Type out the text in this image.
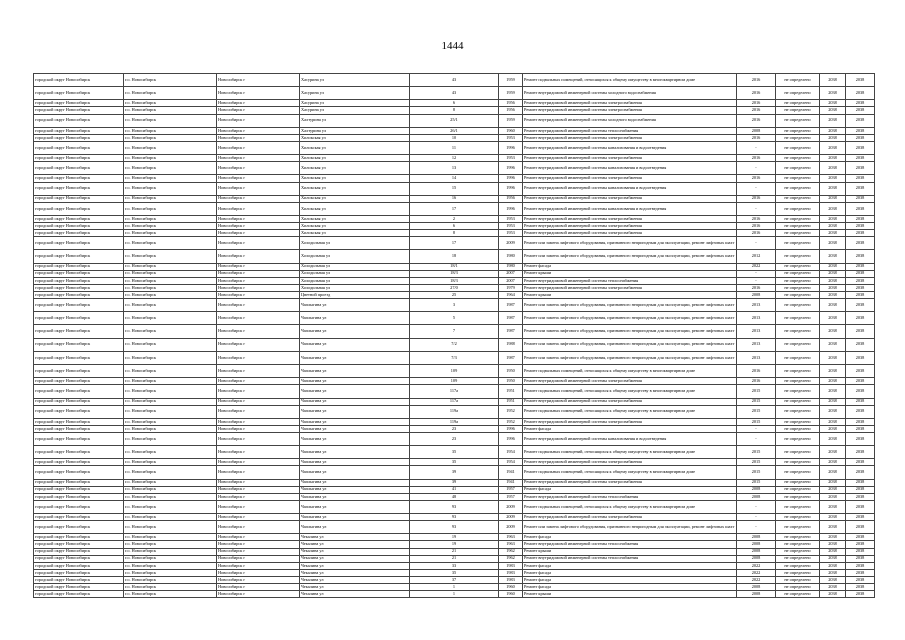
1444
городской округ Новосибирск	г.о. Новосибирск	Новосибирск г	Хасурина ул	43	1959	Ремонт подвальных помещений, относящихся к общему имуществу в многоквартирном доме	2016	не определено	2038	2038
городской округ Новосибирск	г.о. Новосибирск	Новосибирск г	Хасурина ул	43	1959	Ремонт внутридомовой инженерной системы холодного водоснабжения	2016	не определено	2038	2038
городской округ Новосибирск	г.о. Новосибирск	Новосибирск г	Хасурина ул	6	1956	Ремонт внутридомовой инженерной системы электроснабжения	2016	не определено	2038	2038
городской округ Новосибирск	г.о. Новосибирск	Новосибирск г	Хасурина ул	8	1956	Ремонт внутридомовой инженерной системы электроснабжения	2016	не определено	2038	2038
городской округ Новосибирск	г.о. Новосибирск	Новосибирск г	Халтурина ул	25/1	1959	Ремонт внутридомовой инженерной системы холодного водоснабжения	2016	не определено	2038	2038
городской округ Новосибирск	г.о. Новосибирск	Новосибирск г	Халтурина ул	26/1	1960	Ремонт внутридомовой инженерной системы теплоснабжения	2008	не определено	2038	2038
городской округ Новосибирск	г.о. Новосибирск	Новосибирск г	Хилокская ул	10	1953	Ремонт внутридомовой инженерной системы электроснабжения	2016	не определено	2038	2038
городской округ Новосибирск	г.о. Новосибирск	Новосибирск г	Хилокская ул	11	1996	Ремонт внутридомовой инженерной системы канализования и водоотведения	-	не определено	2038	2038
городской округ Новосибирск	г.о. Новосибирск	Новосибирск г	Хилокская ул	12	1953	Ремонт внутридомовой инженерной системы электроснабжения	2016	не определено	2038	2038
городской округ Новосибирск	г.о. Новосибирск	Новосибирск г	Хилокская ул	13	1996	Ремонт внутридомовой инженерной системы канализования и водоотведения	-	не определено	2038	2038
городской округ Новосибирск	г.о. Новосибирск	Новосибирск г	Хилокская ул	14	1996	Ремонт внутридомовой инженерной системы электроснабжения	2016	не определено	2038	2038
городской округ Новосибирск	г.о. Новосибирск	Новосибирск г	Хилокская ул	15	1996	Ремонт внутридомовой инженерной системы канализования и водоотведения	-	не определено	2038	2038
городской округ Новосибирск	г.о. Новосибирск	Новосибирск г	Хилокская ул	16	1956	Ремонт внутридомовой инженерной системы электроснабжения	2016	не определено	2038	2038
городской округ Новосибирск	г.о. Новосибирск	Новосибирск г	Хилокская ул	17	1996	Ремонт внутридомовой инженерной системы канализования и водоотведения	-	не определено	2038	2038
городской округ Новосибирск	г.о. Новосибирск	Новосибирск г	Хилокская ул	2	1953	Ремонт внутридомовой инженерной системы электроснабжения	2016	не определено	2038	2038
городской округ Новосибирск	г.о. Новосибирск	Новосибирск г	Хилокская ул	6	1953	Ремонт внутридомовой инженерной системы электроснабжения	2016	не определено	2038	2038
городской округ Новосибирск	г.о. Новосибирск	Новосибирск г	Хилокская ул	8	1953	Ремонт внутридомовой инженерной системы электроснабжения	2016	не определено	2038	2038
городской округ Новосибирск	г.о. Новосибирск	Новосибирск г	Холодильная ул	17	2009	Ремонт или замена лифтового оборудования, признанного непригодным для эксплуатации, ремонт лифтовых шахт	-	не определено	2038	2038
городской округ Новосибирск	г.о. Новосибирск	Новосибирск г	Холодильная ул	18	1980	Ремонт или замена лифтового оборудования, признанного непригодным для эксплуатации, ремонт лифтовых шахт	2012	не определено	2038	2038
городской округ Новосибирск	г.о. Новосибирск	Новосибирск г	Холодильная ул	18/1	1980	Ремонт фасада	2022	не определено	2038	2038
городской округ Новосибирск	г.о. Новосибирск	Новосибирск г	Холодильная ул	18/3	2007	Ремонт крыши	-	не определено	2038	2038
городской округ Новосибирск	г.о. Новосибирск	Новосибирск г	Холодильная ул	18/3	2007	Ремонт внутридомовой инженерной системы теплоснабжения	-	не определено	2038	2038
городской округ Новосибирск	г.о. Новосибирск	Новосибирск г	Холодильная ул	27/0	1979	Ремонт внутридомовой инженерной системы электроснабжения	2016	не определено	2038	2038
городской округ Новосибирск	г.о. Новосибирск	Новосибирск г	Цветной проезд	25	1964	Ремонт крыши	2008	не определено	2038	2038
городской округ Новосибирск	г.о. Новосибирск	Новосибирск г	Чаплыгина ул	3	1987	Ремонт или замена лифтового оборудования, признанного непригодным для эксплуатации, ремонт лифтовых шахт	2013	не определено	2038	2038
городской округ Новосибирск	г.о. Новосибирск	Новосибирск г	Чаплыгина ул	5	1987	Ремонт или замена лифтового оборудования, признанного непригодным для эксплуатации, ремонт лифтовых шахт	2013	не определено	2038	2038
городской округ Новосибирск	г.о. Новосибирск	Новосибирск г	Чаплыгина ул	7	1987	Ремонт или замена лифтового оборудования, признанного непригодным для эксплуатации, ремонт лифтовых шахт	2013	не определено	2038	2038
городской округ Новосибирск	г.о. Новосибирск	Новосибирск г	Чаплыгина ул	7/2	1988	Ремонт или замена лифтового оборудования, признанного непригодным для эксплуатации, ремонт лифтовых шахт	2013	не определено	2038	2038
городской округ Новосибирск	г.о. Новосибирск	Новосибирск г	Чаплыгина ул	7/3	1987	Ремонт или замена лифтового оборудования, признанного непригодным для эксплуатации, ремонт лифтовых шахт	2013	не определено	2038	2038
городской округ Новосибирск	г.о. Новосибирск	Новосибирск г	Чаплыгина ул	109	1950	Ремонт подвальных помещений, относящихся к общему имуществу в многоквартирном доме	2016	не определено	2038	2038
городской округ Новосибирск	г.о. Новосибирск	Новосибирск г	Чаплыгина ул	109	1950	Ремонт внутридомовой инженерной системы электроснабжения	2016	не определено	2038	2038
городской округ Новосибирск	г.о. Новосибирск	Новосибирск г	Чаплыгина ул	117а	1951	Ремонт подвальных помещений, относящихся к общему имуществу в многоквартирном доме	2015	не определено	2038	2038
городской округ Новосибирск	г.о. Новосибирск	Новосибирск г	Чаплыгина ул	117а	1951	Ремонт внутридомовой инженерной системы электроснабжения	2015	не определено	2038	2038
городской округ Новосибирск	г.о. Новосибирск	Новосибирск г	Чаплыгина ул	119а	1952	Ремонт подвальных помещений, относящихся к общему имуществу в многоквартирном доме	2015	не определено	2038	2038
городской округ Новосибирск	г.о. Новосибирск	Новосибирск г	Чаплыгина ул	119а	1952	Ремонт внутридомовой инженерной системы электроснабжения	2015	не определено	2038	2038
городской округ Новосибирск	г.о. Новосибирск	Новосибирск г	Чаплыгина ул	23	1996	Ремонт фасада	-	не определено	2038	2038
городской округ Новосибирск	г.о. Новосибирск	Новосибирск г	Чаплыгина ул	23	1996	Ремонт внутридомовой инженерной системы канализования и водоотведения	-	не определено	2038	2038
городской округ Новосибирск	г.о. Новосибирск	Новосибирск г	Чаплыгина ул	35	1954	Ремонт подвальных помещений, относящихся к общему имуществу в многоквартирном доме	2015	не определено	2038	2038
городской округ Новосибирск	г.о. Новосибирск	Новосибирск г	Чаплыгина ул	35	1954	Ремонт внутридомовой инженерной системы электроснабжения	2015	не определено	2038	2038
городской округ Новосибирск	г.о. Новосибирск	Новосибирск г	Чаплыгина ул	39	1941	Ремонт подвальных помещений, относящихся к общему имуществу в многоквартирном доме	2015	не определено	2038	2038
городской округ Новосибирск	г.о. Новосибирск	Новосибирск г	Чаплыгина ул	39	1941	Ремонт внутридомовой инженерной системы электроснабжения	2015	не определено	2038	2038
городской округ Новосибирск	г.о. Новосибирск	Новосибирск г	Чаплыгина ул	41	1957	Ремонт фасада	2008	не определено	2038	2038
городской округ Новосибирск	г.о. Новосибирск	Новосибирск г	Чаплыгина ул	48	1957	Ремонт внутридомовой инженерной системы теплоснабжения	2008	не определено	2038	2038
городской округ Новосибирск	г.о. Новосибирск	Новосибирск г	Чаплыгина ул	93	2009	Ремонт подвальных помещений, относящихся к общему имуществу в многоквартирном доме	-	не определено	2038	2038
городской округ Новосибирск	г.о. Новосибирск	Новосибирск г	Чаплыгина ул	93	2009	Ремонт внутридомовой инженерной системы электроснабжения	-	не определено	2038	2038
городской округ Новосибирск	г.о. Новосибирск	Новосибирск г	Чаплыгина ул	93	2009	Ремонт или замена лифтового оборудования, признанного непригодным для эксплуатации, ремонт лифтовых шахт	-	не определено	2038	2038
городской округ Новосибирск	г.о. Новосибирск	Новосибирск г	Чекалина ул	19	1963	Ремонт фасада	2008	не определено	2038	2038
городской округ Новосибирск	г.о. Новосибирск	Новосибирск г	Чекалина ул	19	1963	Ремонт внутридомовой инженерной системы теплоснабжения	2008	не определено	2038	2038
городской округ Новосибирск	г.о. Новосибирск	Новосибирск г	Чекалина ул	21	1962	Ремонт крыши	2008	не определено	2038	2038
городской округ Новосибирск	г.о. Новосибирск	Новосибирск г	Чекалина ул	21	1962	Ремонт внутридомовой инженерной системы теплоснабжения	2008	не определено	2038	2038
городской округ Новосибирск	г.о. Новосибирск	Новосибирск г	Чекалина ул	33	1983	Ремонт фасада	2022	не определено	2038	2038
городской округ Новосибирск	г.о. Новосибирск	Новосибирск г	Чекалина ул	35	1983	Ремонт фасада	2022	не определено	2038	2038
городской округ Новосибирск	г.о. Новосибирск	Новосибирск г	Чекалина ул	37	1983	Ремонт фасада	2022	не определено	2038	2038
городской округ Новосибирск	г.о. Новосибирск	Новосибирск г	Чекалина ул	1	1960	Ремонт фасада	2008	не определено	2038	2038
городской округ Новосибирск	г.о. Новосибирск	Новосибирск г	Чехалина ул	1	1960	Ремонт крыши	2008	не определено	2038	2038
